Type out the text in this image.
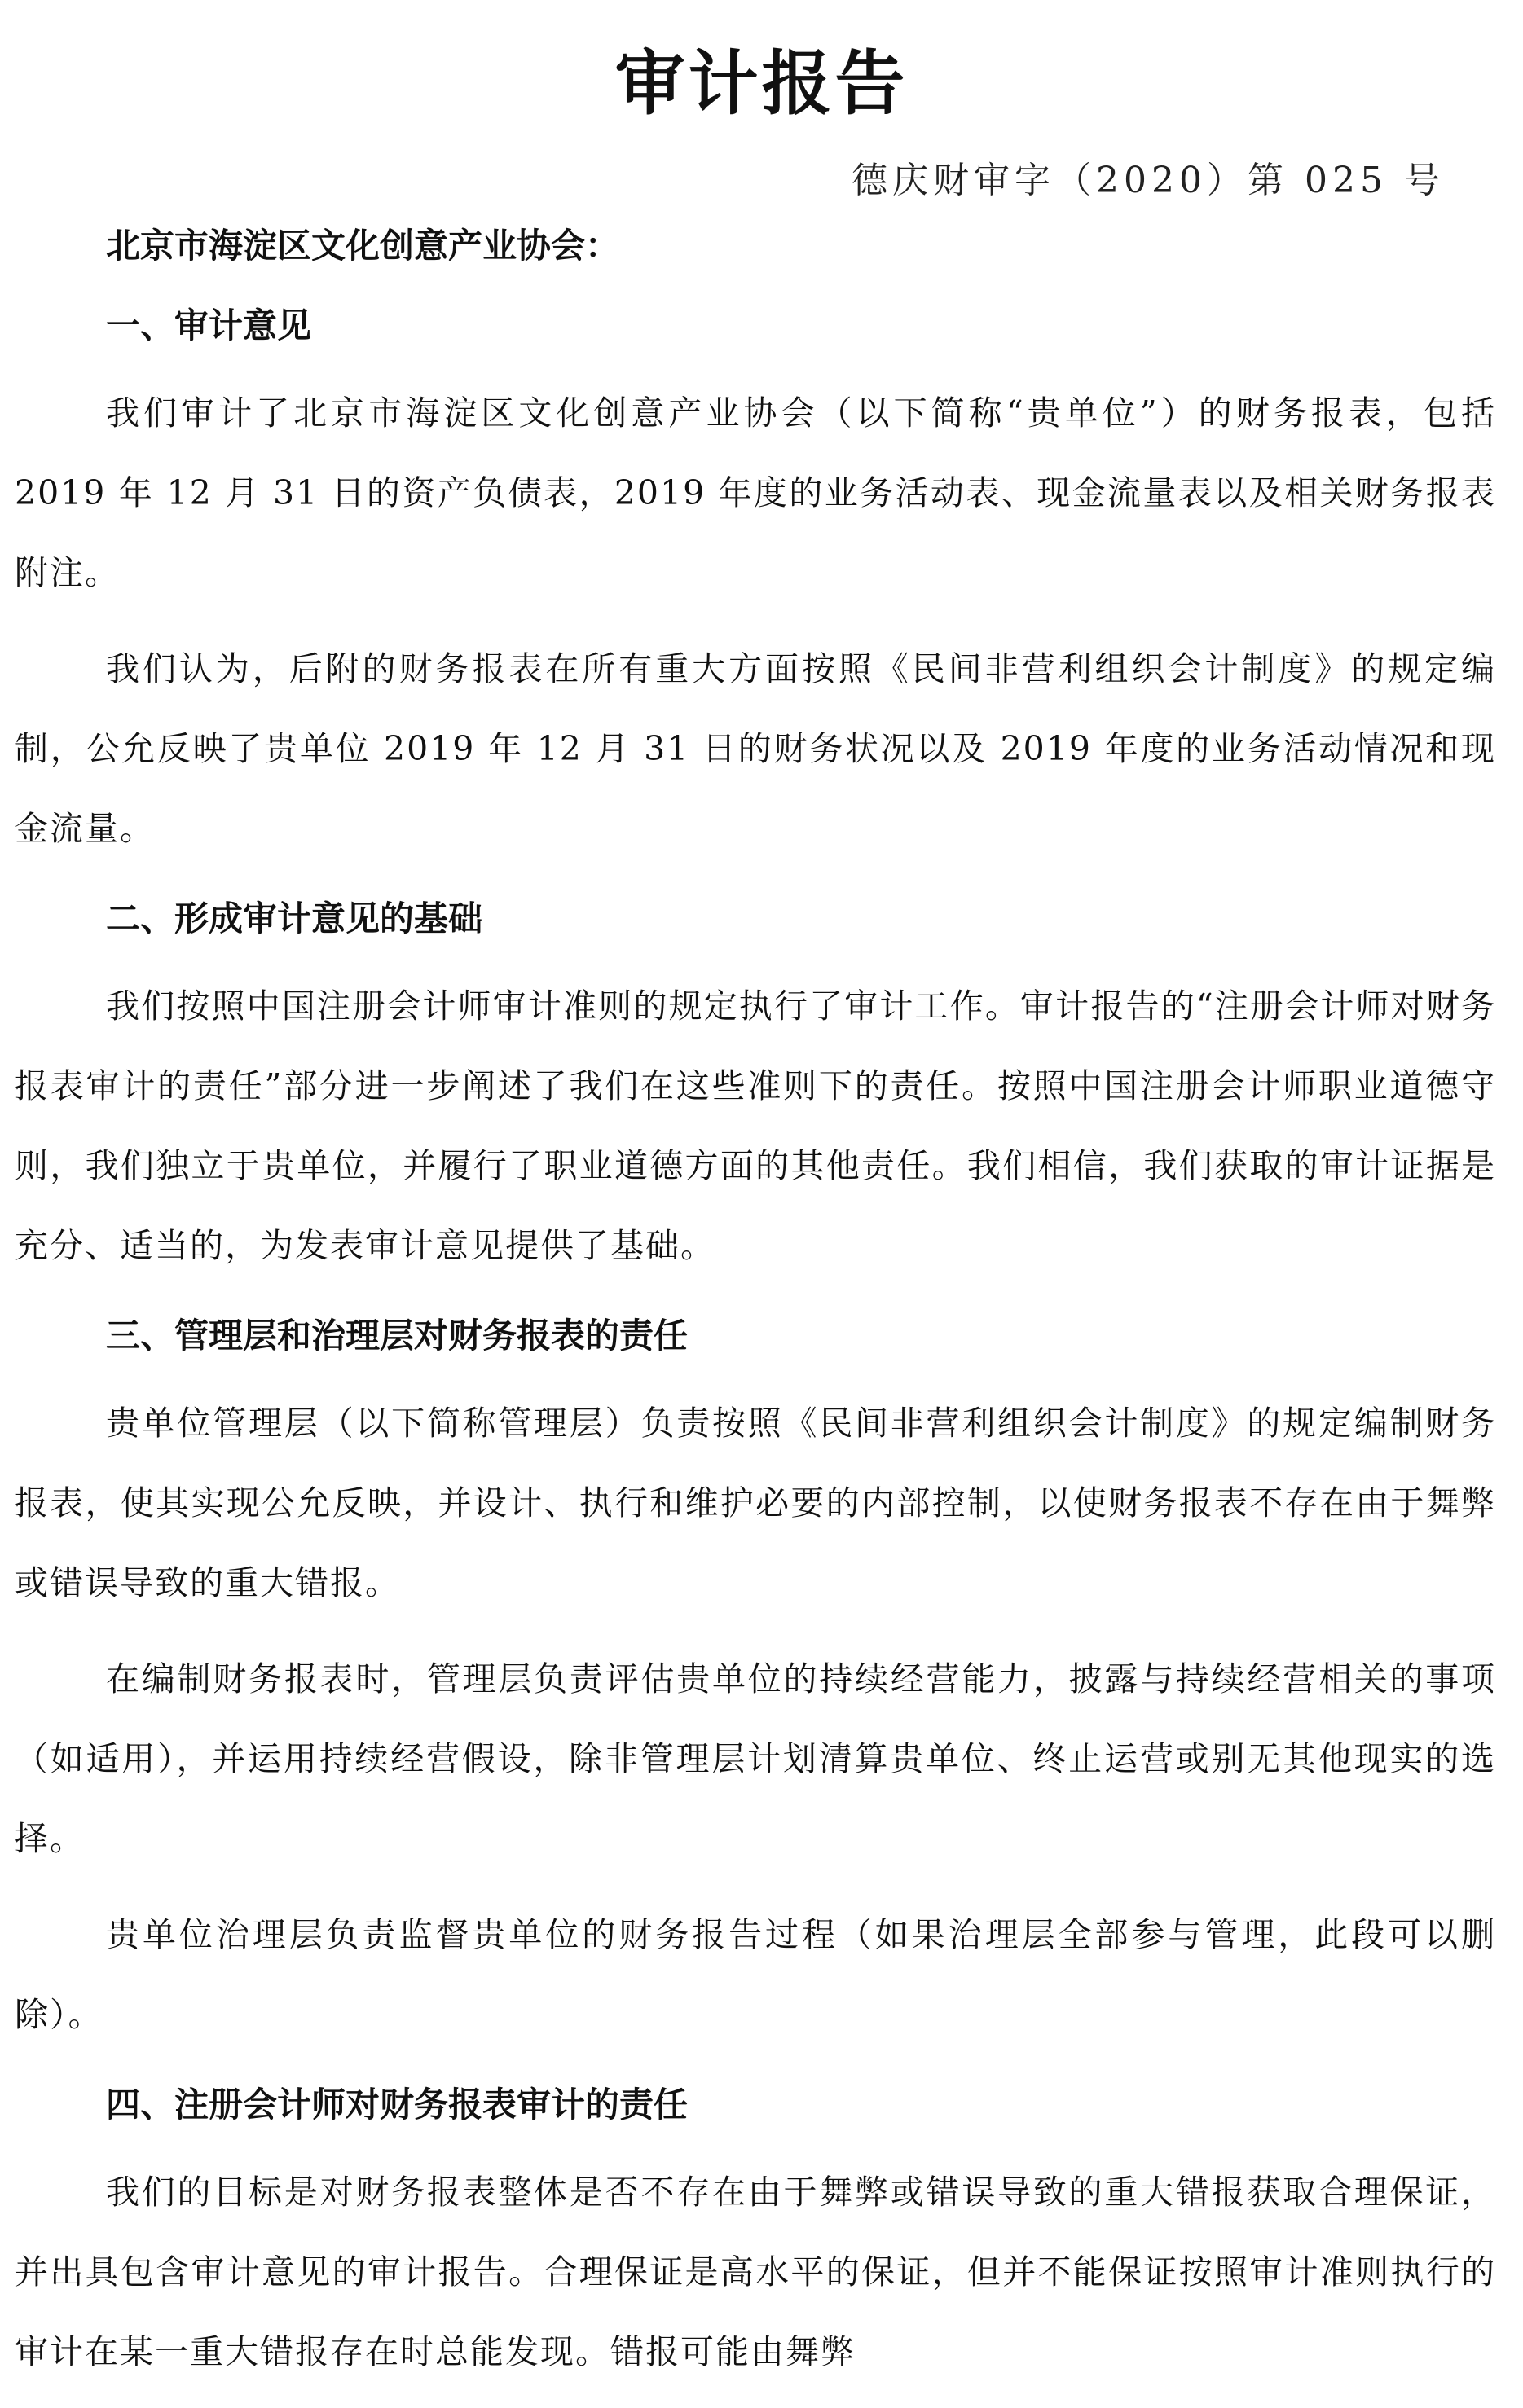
审计报告
德庆财审字（2020）第 025 号
北京市海淀区文化创意产业协会：
一、审计意见

我们审计了北京市海淀区文化创意产业协会（以下简称“贵单位”）的财务报表，包括 2019 年 12 月 31 日的资产负债表，2019 年度的业务活动表、现金流量表以及相关财务报表附注。

我们认为，后附的财务报表在所有重大方面按照《民间非营利组织会计制度》的规定编制，公允反映了贵单位 2019 年 12 月 31 日的财务状况以及 2019 年度的业务活动情况和现金流量。

二、形成审计意见的基础

我们按照中国注册会计师审计准则的规定执行了审计工作。审计报告的“注册会计师对财务报表审计的责任”部分进一步阐述了我们在这些准则下的责任。按照中国注册会计师职业道德守则，我们独立于贵单位，并履行了职业道德方面的其他责任。我们相信，我们获取的审计证据是充分、适当的，为发表审计意见提供了基础。

三、管理层和治理层对财务报表的责任

贵单位管理层（以下简称管理层）负责按照《民间非营利组织会计制度》的规定编制财务报表，使其实现公允反映，并设计、执行和维护必要的内部控制，以使财务报表不存在由于舞弊或错误导致的重大错报。

在编制财务报表时，管理层负责评估贵单位的持续经营能力，披露与持续经营相关的事项（如适用），并运用持续经营假设，除非管理层计划清算贵单位、终止运营或别无其他现实的选择。

贵单位治理层负责监督贵单位的财务报告过程（如果治理层全部参与管理，此段可以删除）。

四、注册会计师对财务报表审计的责任

我们的目标是对财务报表整体是否不存在由于舞弊或错误导致的重大错报获取合理保证，并出具包含审计意见的审计报告。合理保证是高水平的保证，但并不能保证按照审计准则执行的审计在某一重大错报存在时总能发现。错报可能由舞弊
